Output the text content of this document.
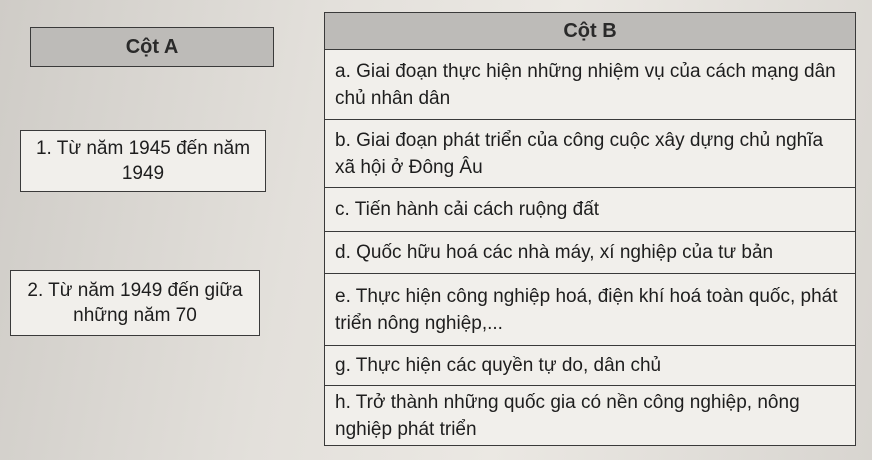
Cột A
1. Từ năm 1945 đến năm 1949
2. Từ năm 1949 đến giữa những năm 70
Cột B
a. Giai đoạn thực hiện những nhiệm vụ của cách mạng dân chủ nhân dân
b. Giai đoạn phát triển của công cuộc xây dựng chủ nghĩa xã hội ở Đông Âu
c. Tiến hành cải cách ruộng đất
d. Quốc hữu hoá các nhà máy, xí nghiệp của tư bản
e. Thực hiện công nghiệp hoá, điện khí hoá toàn quốc, phát triển nông nghiệp,...
g. Thực hiện các quyền tự do, dân chủ
h. Trở thành những quốc gia có nền công nghiệp, nông nghiệp phát triển
